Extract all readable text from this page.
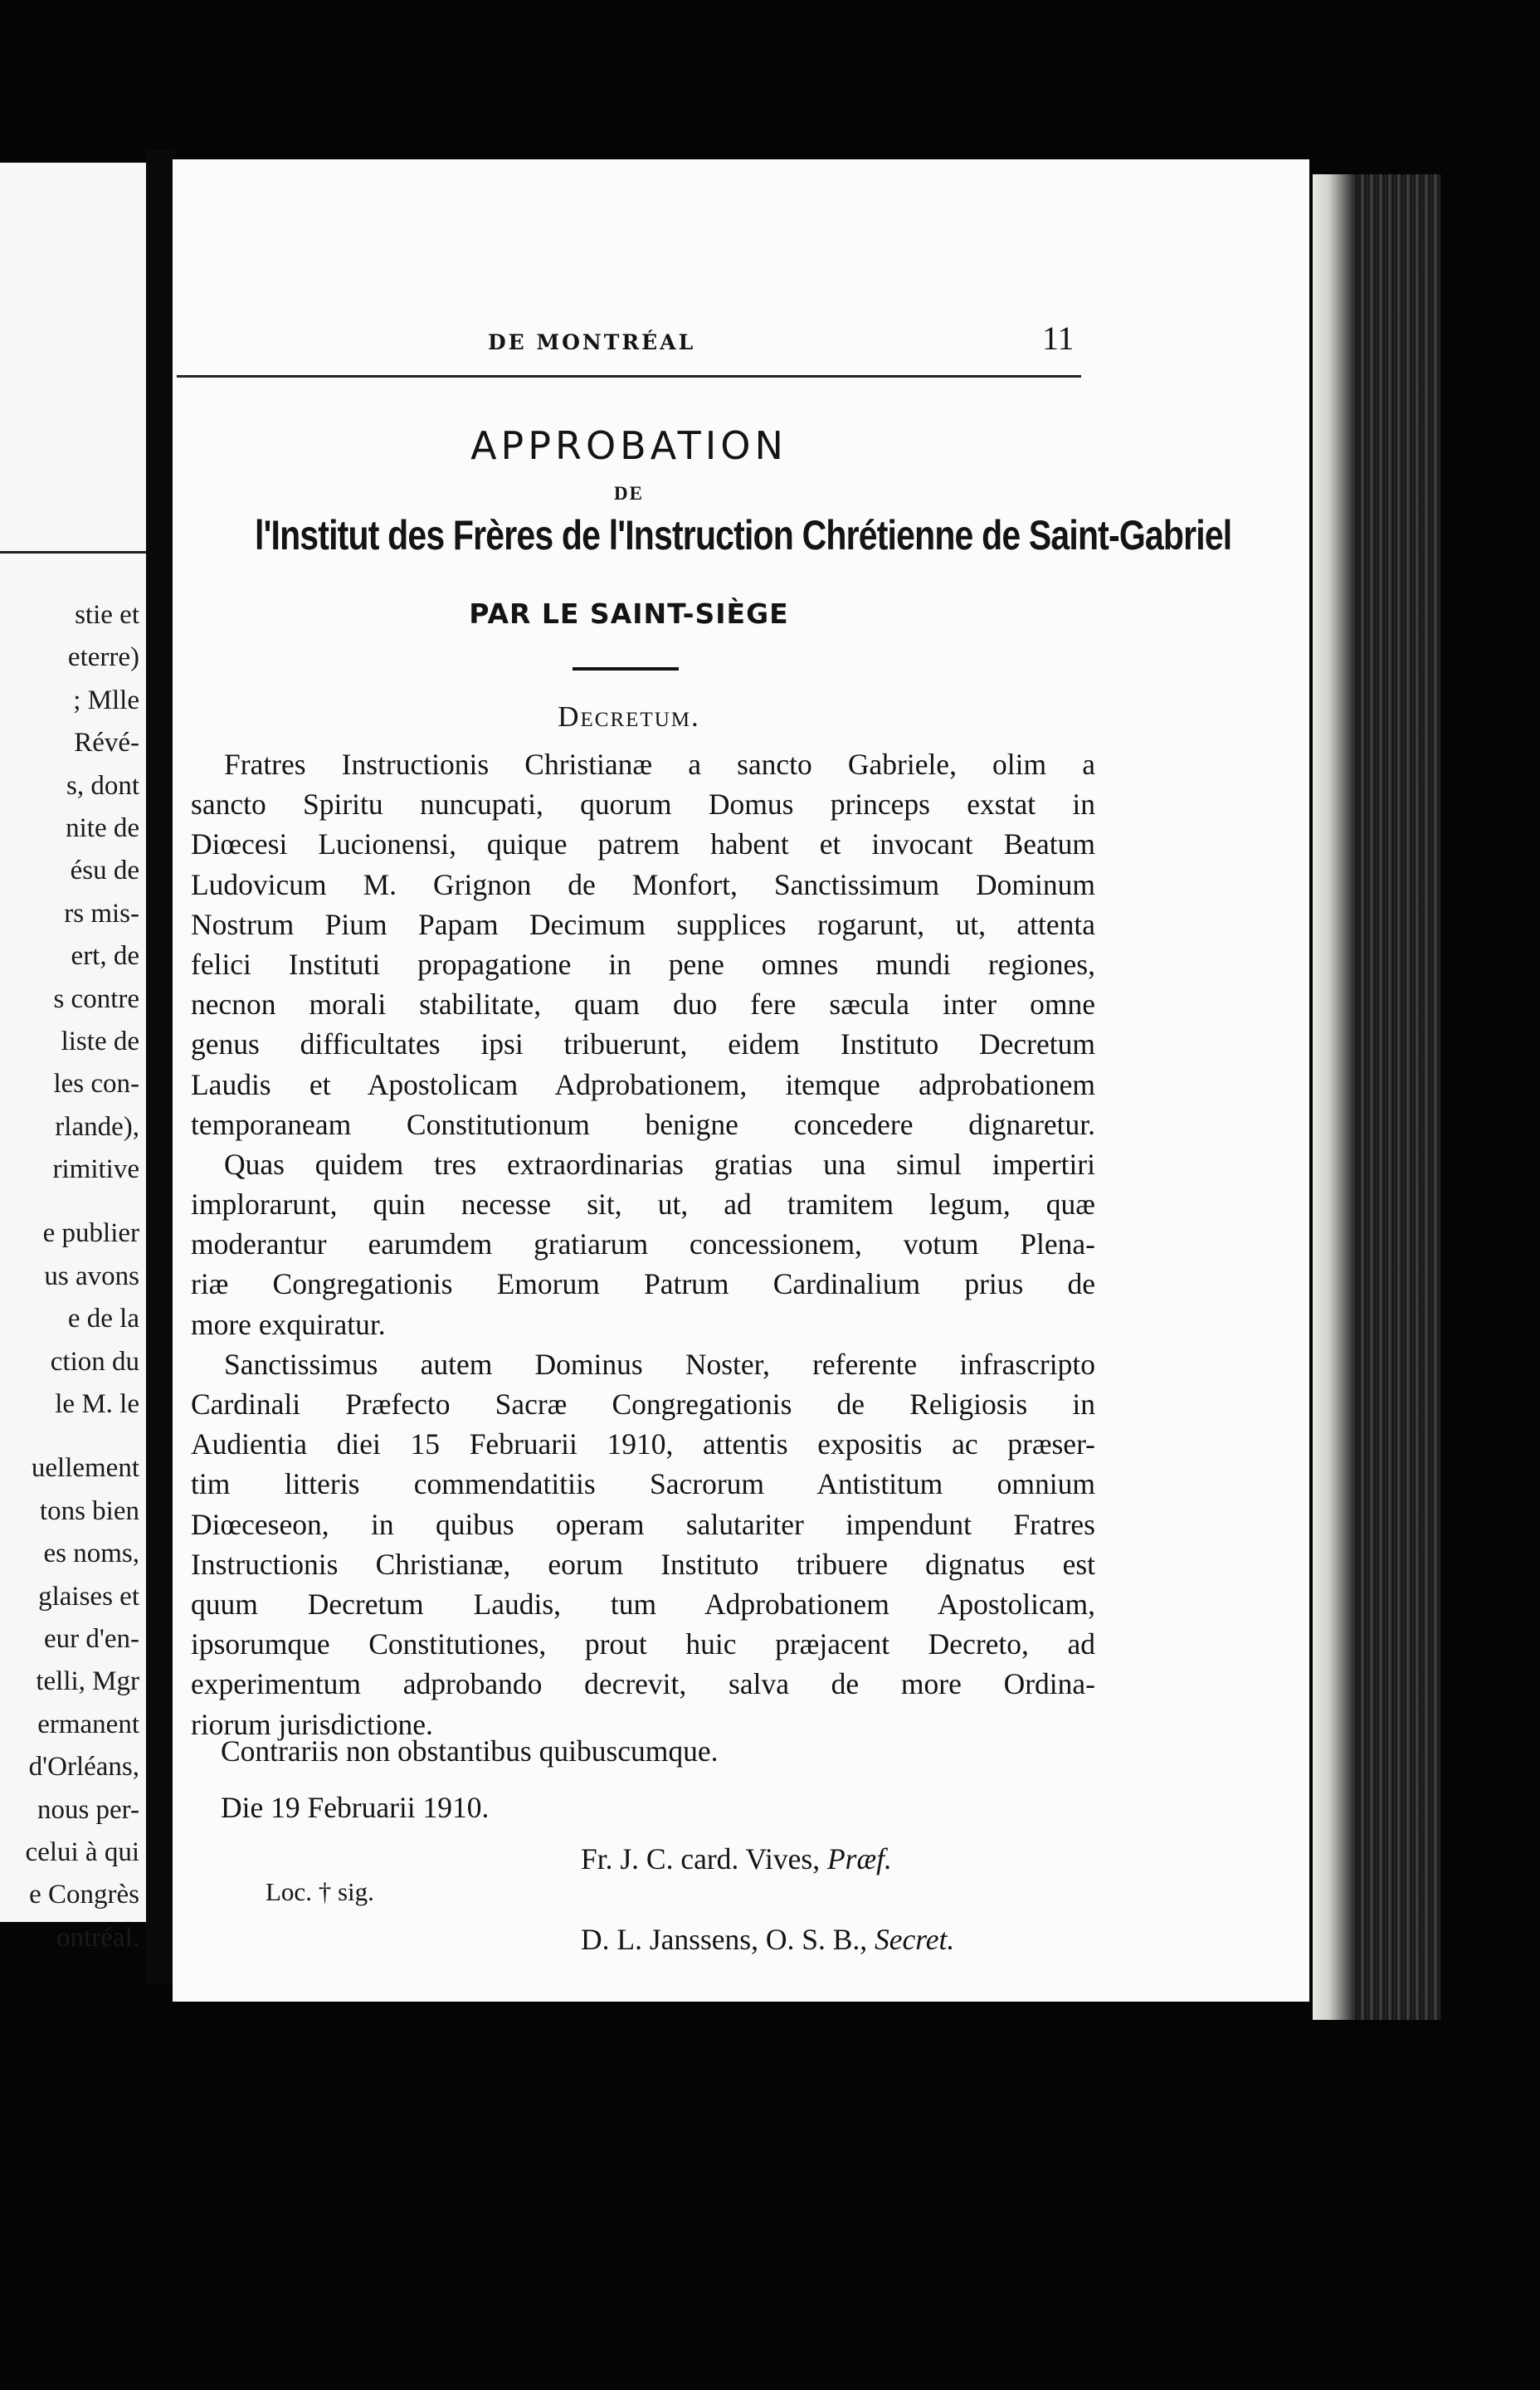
stie et
eterre)
; Mlle
Révé-
s, dont
nite de
ésu de
rs mis-
ert, de
s contre
liste de
les con-
rlande),
rimitive
e publier
us avons
e de la
ction du
le M. le
uellement
tons bien
es noms,
glaises et
eur d'en-
telli, Mgr
ermanent
d'Orléans,
nous per-
celui à qui
e Congrès
ontréal.
DE MONTRÉAL	11
APPROBATION
DE
l'Institut des Frères de l'Instruction Chrétienne de Saint-Gabriel
PAR LE SAINT-SIÈGE
Decretum.
Fratres Instructionis Christianæ a sancto Gabriele, olim a
sancto Spiritu nuncupati, quorum Domus princeps exstat in
Diœcesi Lucionensi, quique patrem habent et invocant Beatum
Ludovicum M. Grignon de Monfort, Sanctissimum Dominum
Nostrum Pium Papam Decimum supplices rogarunt, ut, attenta
felici Instituti propagatione in pene omnes mundi regiones,
necnon morali stabilitate, quam duo fere sæcula inter omne
genus difficultates ipsi tribuerunt, eidem Instituto Decretum
Laudis et Apostolicam Adprobationem, itemque adprobationem
temporaneam Constitutionum benigne concedere dignaretur.
Quas quidem tres extraordinarias gratias una simul impertiri
implorarunt, quin necesse sit, ut, ad tramitem legum, quæ
moderantur earumdem gratiarum concessionem, votum Plena-
riæ Congregationis Emorum Patrum Cardinalium prius de
more exquiratur.
Sanctissimus autem Dominus Noster, referente infrascripto
Cardinali Præfecto Sacræ Congregationis de Religiosis in
Audientia diei 15 Februarii 1910, attentis expositis ac præser-
tim litteris commendatitiis Sacrorum Antistitum omnium
Diœceseon, in quibus operam salutariter impendunt Fratres
Instructionis Christianæ, eorum Instituto tribuere dignatus est
quum Decretum Laudis, tum Adprobationem Apostolicam,
ipsorumque Constitutiones, prout huic præjacent Decreto, ad
experimentum adprobando decrevit, salva de more Ordina-
riorum jurisdictione.
Contrariis non obstantibus quibuscumque.
Die 19 Februarii 1910.
Loc. † sig.
Fr. J. C. card. Vives, Præf.
D. L. Janssens, O. S. B., Secret.
